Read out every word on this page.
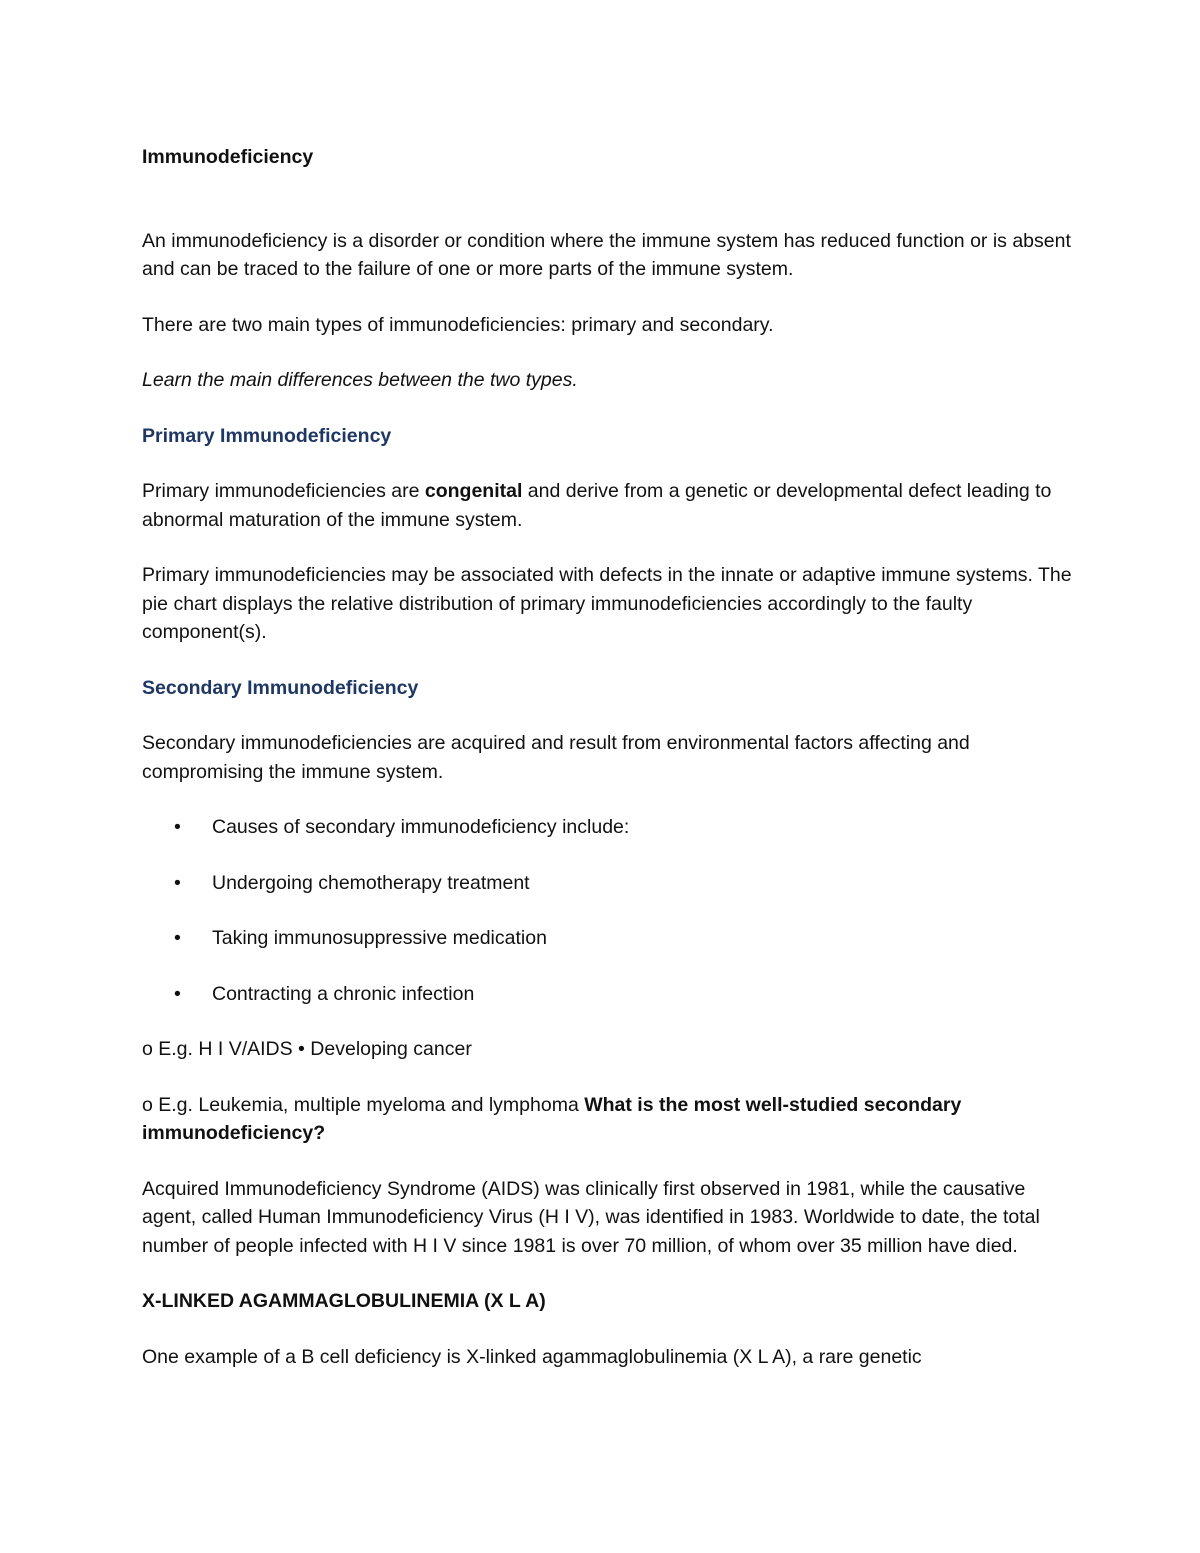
Immunodeficiency

An immunodeficiency is a disorder or condition where the immune system has reduced function or is absent and can be traced to the failure of one or more parts of the immune system.

There are two main types of immunodeficiencies: primary and secondary.

Learn the main differences between the two types.

Primary Immunodeficiency

Primary immunodeficiencies are congenital and derive from a genetic or developmental defect leading to abnormal maturation of the immune system.

Primary immunodeficiencies may be associated with defects in the innate or adaptive immune systems. The pie chart displays the relative distribution of primary immunodeficiencies accordingly to the faulty component(s).

Secondary Immunodeficiency

Secondary immunodeficiencies are acquired and result from environmental factors affecting and compromising the immune system.

• Causes of secondary immunodeficiency include:
• Undergoing chemotherapy treatment
• Taking immunosuppressive medication
• Contracting a chronic infection

o E.g. H I V/AIDS • Developing cancer

o E.g. Leukemia, multiple myeloma and lymphoma What is the most well-studied secondary immunodeficiency?

Acquired Immunodeficiency Syndrome (AIDS) was clinically first observed in 1981, while the causative agent, called Human Immunodeficiency Virus (H I V), was identified in 1983. Worldwide to date, the total number of people infected with H I V since 1981 is over 70 million, of whom over 35 million have died.

X-LINKED AGAMMAGLOBULINEMIA (X L A)

One example of a B cell deficiency is X-linked agammaglobulinemia (X L A), a rare genetic
